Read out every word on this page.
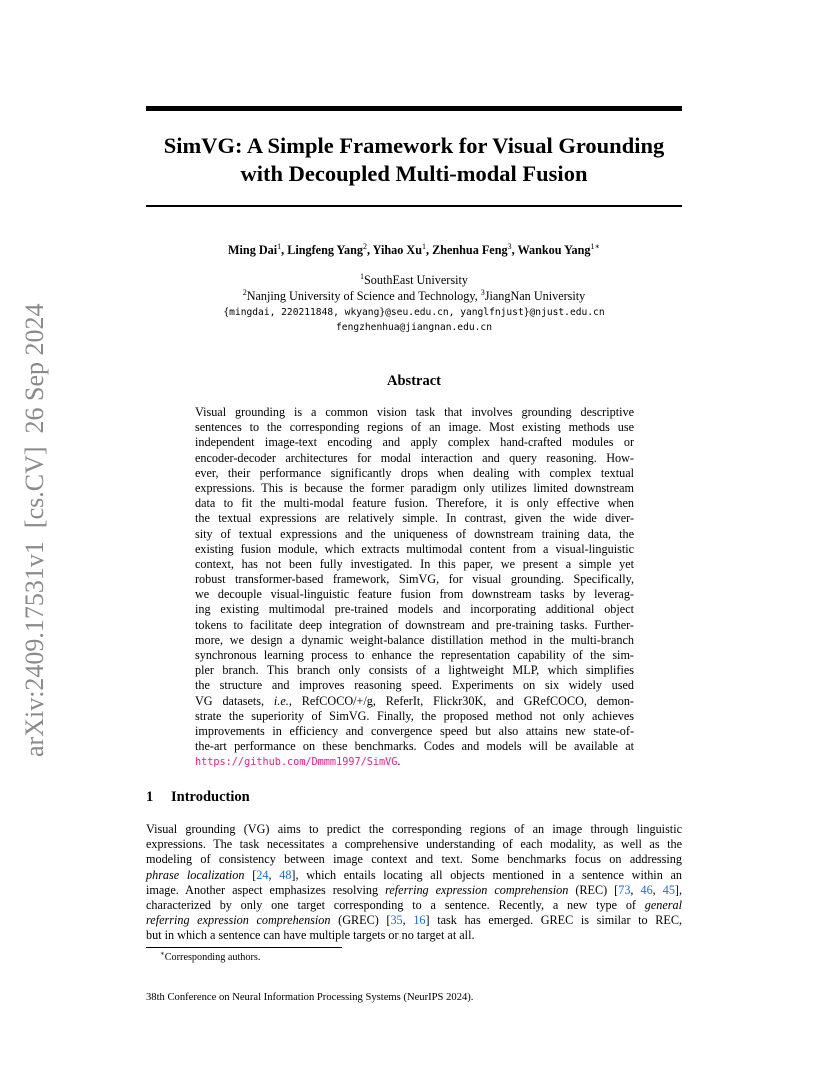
arXiv:2409.17531v1  [cs.CV]  26 Sep 2024
SimVG: A Simple Framework for Visual Grounding
with Decoupled Multi-modal Fusion
Ming Dai$^1$, Lingfeng Yang$^2$, Yihao Xu$^1$, Zhenhua Feng$^3$, Wankou Yang$^{1∗}$
$^1$SouthEast University
$^2$Nanjing University of Science and Technology, $^3$JiangNan University
{mingdai, 220211848, wkyang}@seu.edu.cn, yanglfnjust}@njust.edu.cn
fengzhenhua@jiangnan.edu.cn
Abstract
Visual grounding is a common vision task that involves grounding descriptive
sentences to the corresponding regions of an image. Most existing methods use
independent image-text encoding and apply complex hand-crafted modules or
encoder-decoder architectures for modal interaction and query reasoning. How-
ever, their performance significantly drops when dealing with complex textual
expressions. This is because the former paradigm only utilizes limited downstream
data to fit the multi-modal feature fusion. Therefore, it is only effective when
the textual expressions are relatively simple. In contrast, given the wide diver-
sity of textual expressions and the uniqueness of downstream training data, the
existing fusion module, which extracts multimodal content from a visual-linguistic
context, has not been fully investigated. In this paper, we present a simple yet
robust transformer-based framework, SimVG, for visual grounding. Specifically,
we decouple visual-linguistic feature fusion from downstream tasks by leverag-
ing existing multimodal pre-trained models and incorporating additional object
tokens to facilitate deep integration of downstream and pre-training tasks. Further-
more, we design a dynamic weight-balance distillation method in the multi-branch
synchronous learning process to enhance the representation capability of the sim-
pler branch. This branch only consists of a lightweight MLP, which simplifies
the structure and improves reasoning speed. Experiments on six widely used
VG datasets, i.e., RefCOCO/+/g, ReferIt, Flickr30K, and GRefCOCO, demon-
strate the superiority of SimVG. Finally, the proposed method not only achieves
improvements in efficiency and convergence speed but also attains new state-of-
the-art performance on these benchmarks. Codes and models will be available at
https://github.com/Dmmm1997/SimVG.
1 Introduction
Visual grounding (VG) aims to predict the corresponding regions of an image through linguistic
expressions. The task necessitates a comprehensive understanding of each modality, as well as the
modeling of consistency between image context and text. Some benchmarks focus on addressing
phrase localization [24, 48], which entails locating all objects mentioned in a sentence within an
image. Another aspect emphasizes resolving referring expression comprehension (REC) [73, 46, 45],
characterized by only one target corresponding to a sentence. Recently, a new type of general
referring expression comprehension (GREC) [35, 16] task has emerged. GREC is similar to REC,
but in which a sentence can have multiple targets or no target at all.
∗Corresponding authors.
38th Conference on Neural Information Processing Systems (NeurIPS 2024).
